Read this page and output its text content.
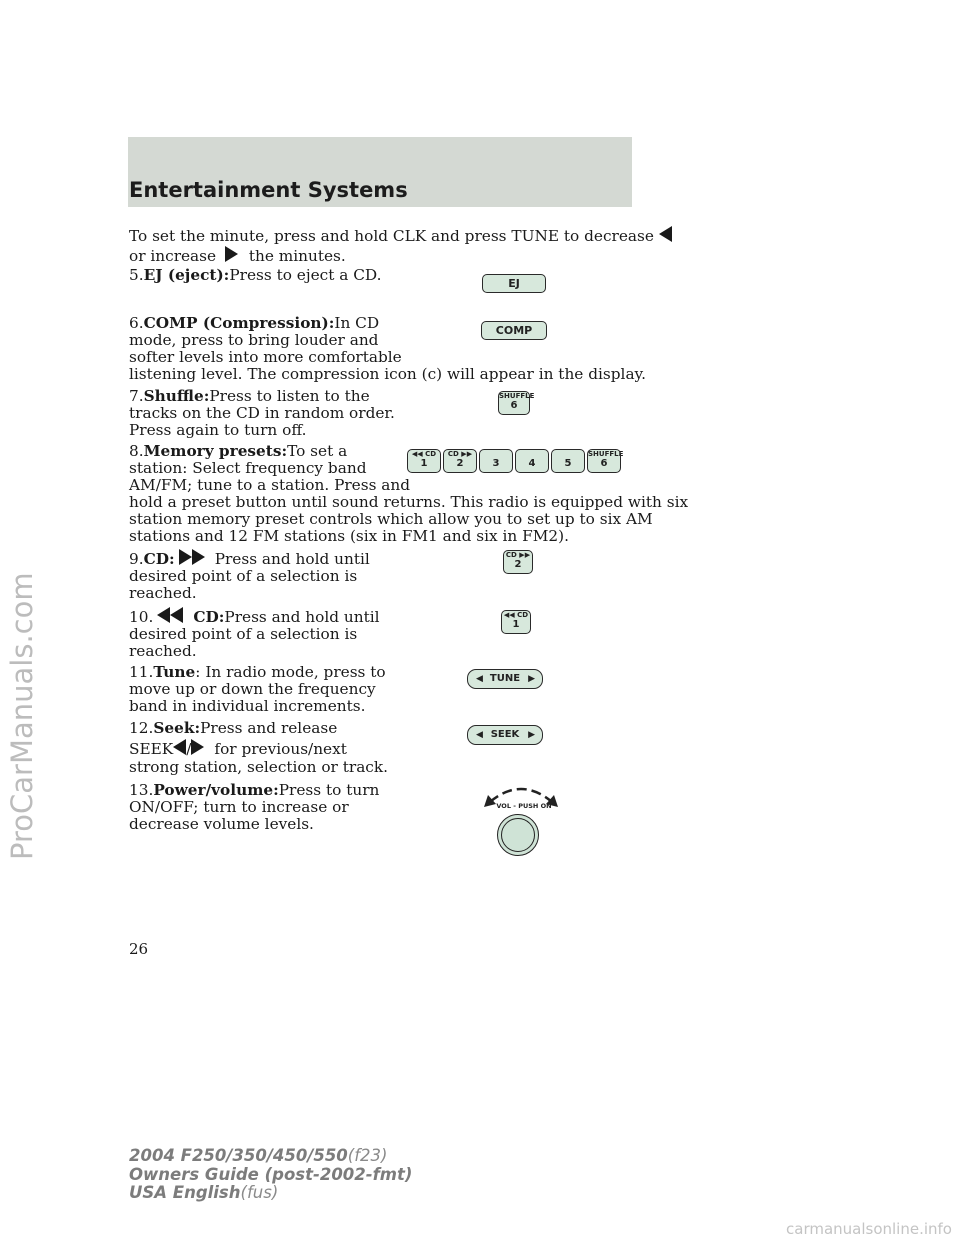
Entertainment Systems

To set the minute, press and hold CLK and press TUNE to decrease

or increase the minutes.

5.EJ (eject):Press to eject a CD.	EJ

6.COMP (Compression):In CD

mode, press to bring louder and

softer levels into more comfortable

listening level. The compression icon (c) will appear in the display.

COMP

7.Shuffle:Press to listen to the

tracks on the CD in random order.

Press again to turn off.

SHUFFLE
6

8.Memory presets:To set a

station: Select frequency band

AM/FM; tune to a station. Press and

hold a preset button until sound returns. This radio is equipped with six

station memory preset controls which allow you to set up to six AM

stations and 12 FM stations (six in FM1 and six in FM2).

◀◀ CD
1
CD ▶▶
2
	3
	4
	5
SHUFFLE
6

9.CD:	Press and hold until

desired point of a selection is

reached.

CD ▶▶
2

10.	CD:Press and hold until

desired point of a selection is

reached.

◀◀ CD
1

11.Tune: In radio mode, press to

move up or down the frequency

band in individual increments.

◀ TUNE ▶

12.Seek:Press and release

SEEK / for previous/next

strong station, selection or track.

◀ SEEK ▶

13.Power/volume:Press to turn

ON/OFF; turn to increase or

decrease volume levels.

VOL - PUSH ON
26
2004 F250/350/450/550(f23)
Owners Guide (post-2002-fmt)
USA English(fus)
ProCarManuals.com
carmanualsonline.info
